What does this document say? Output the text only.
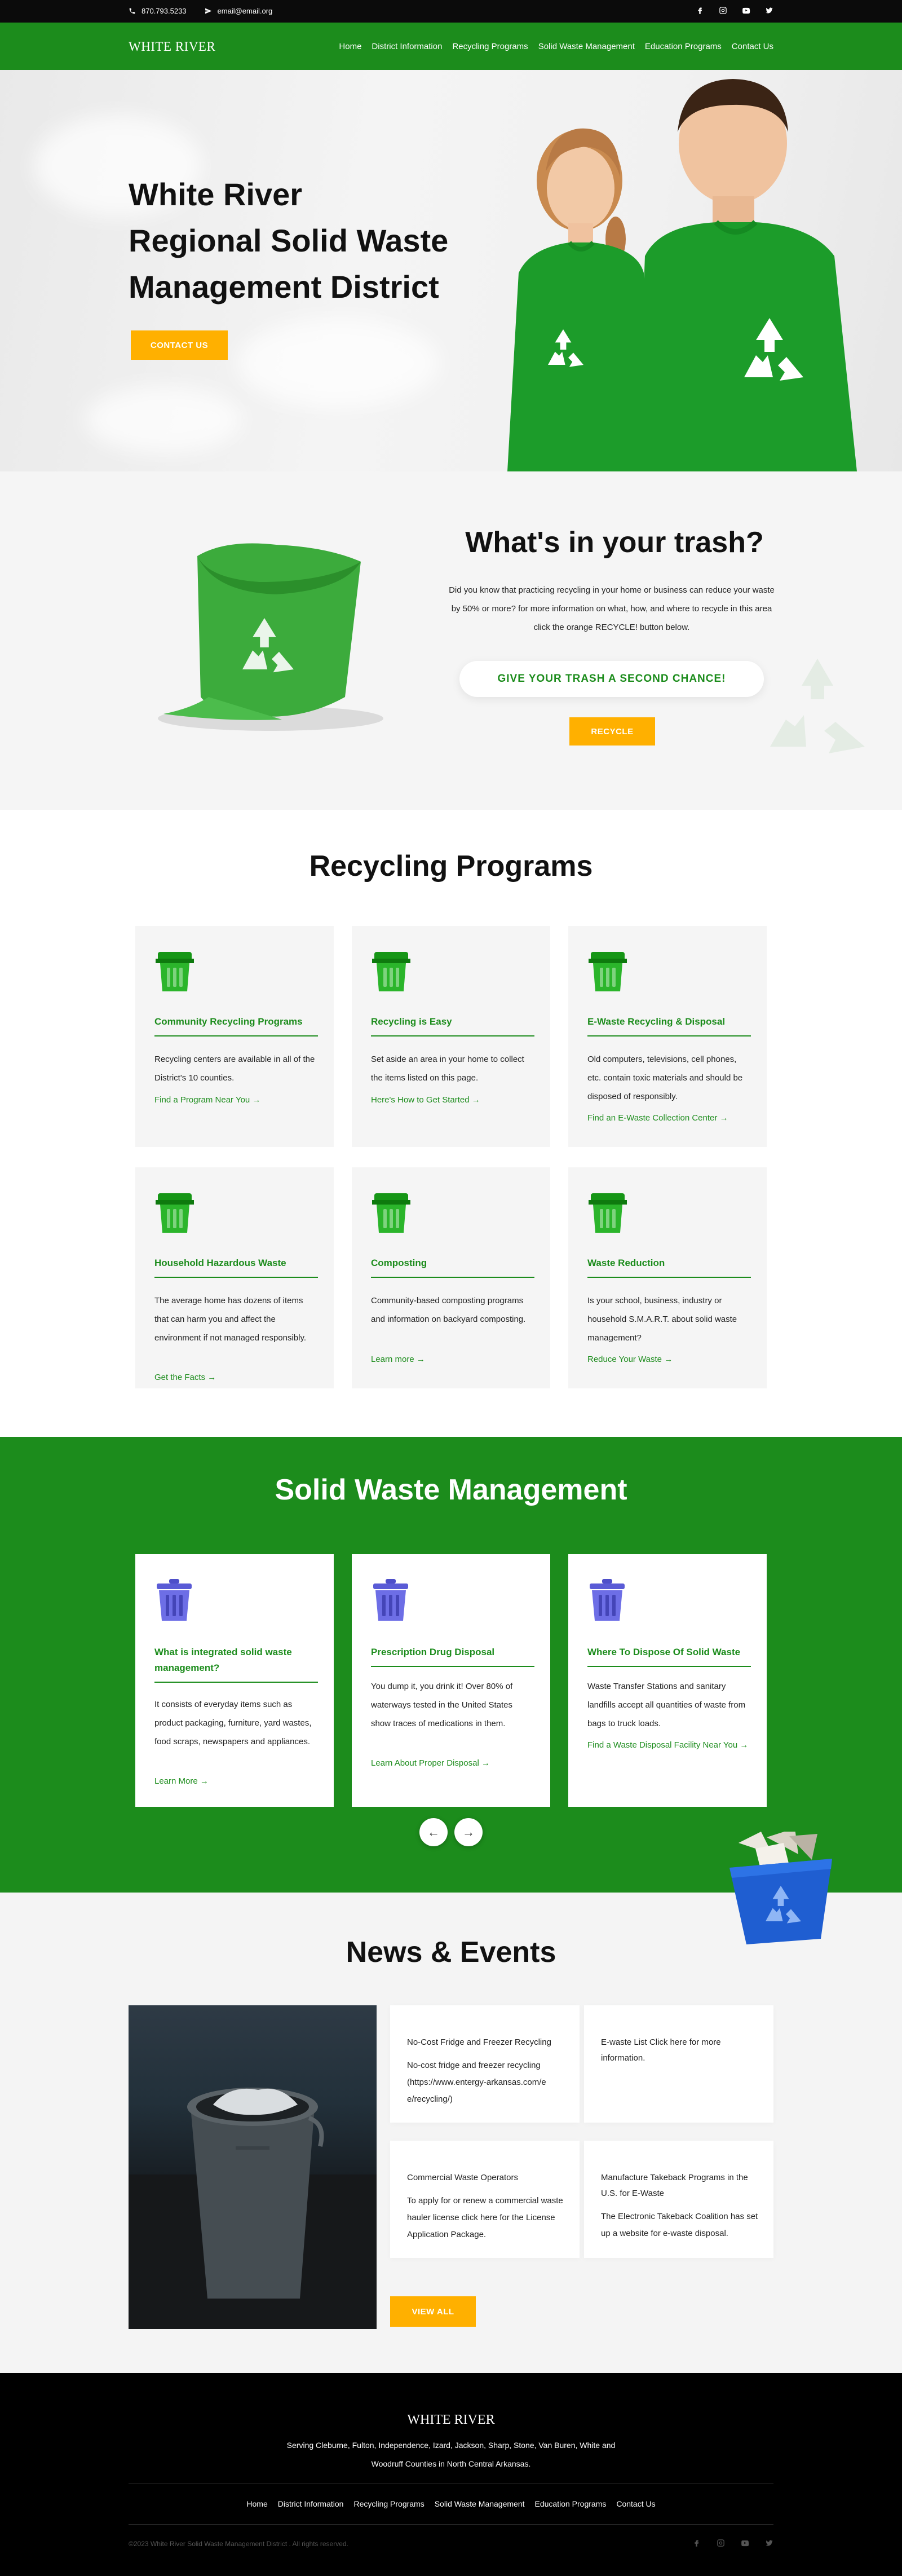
870.793.5233	email@email.org
WHITE RIVER	Home District Information Recycling Programs Solid Waste Management Education Programs Contact Us
White River
Regional Solid Waste
Management District
CONTACT US
What's in your trash?

Did you know that practicing recycling in your home or business can reduce your waste by 50% or more? for more information on what, how, and where to recycle in this area click the orange RECYCLE! button below.

GIVE YOUR TRASH A SECOND CHANCE!
RECYCLE
Recycling Programs
Community Recycling Programs
Recycling centers are available in all of the District's 10 counties.
Find a Program Near You →
Recycling is Easy
Set aside an area in your home to collect the items listed on this page.
Here's How to Get Started →
E-Waste Recycling & Disposal
Old computers, televisions, cell phones, etc. contain toxic materials and should be disposed of responsibly.
Find an E-Waste Collection Center →
Household Hazardous Waste
The average home has dozens of items that can harm you and affect the environment if not managed responsibly.
Get the Facts →
Composting
Community-based composting programs and information on backyard composting.
Learn more →
Waste Reduction
Is your school, business, industry or household S.M.A.R.T. about solid waste management?
Reduce Your Waste →
Solid Waste Management
What is integrated solid waste management?
It consists of everyday items such as product packaging, furniture, yard wastes, food scraps, newspapers and appliances.
Learn More →
Prescription Drug Disposal
You dump it, you drink it! Over 80% of waterways tested in the United States show traces of medications in them.
Learn About Proper Disposal →
Where To Dispose Of Solid Waste
Waste Transfer Stations and sanitary landfills accept all quantities of waste from bags to truck loads.
Find a Waste Disposal Facility Near You →
←	→
News & Events
No-Cost Fridge and Freezer Recycling
No-cost fridge and freezer recycling (https://www.entergy-arkansas.com/e e/recycling/)
E-waste List Click here for more information.
Commercial Waste Operators
To apply for or renew a commercial waste hauler license click here for the License Application Package.
Manufacture Takeback Programs in the U.S. for E-Waste
The Electronic Takeback Coalition has set up a website for e-waste disposal.
VIEW ALL
WHITE RIVER
Serving Cleburne, Fulton, Independence, Izard, Jackson, Sharp, Stone, Van Buren, White and Woodruff Counties in North Central Arkansas.
Home District Information Recycling Programs Solid Waste Management Education Programs Contact Us
©2023 White River Solid Waste Management District . All rights reserved.
